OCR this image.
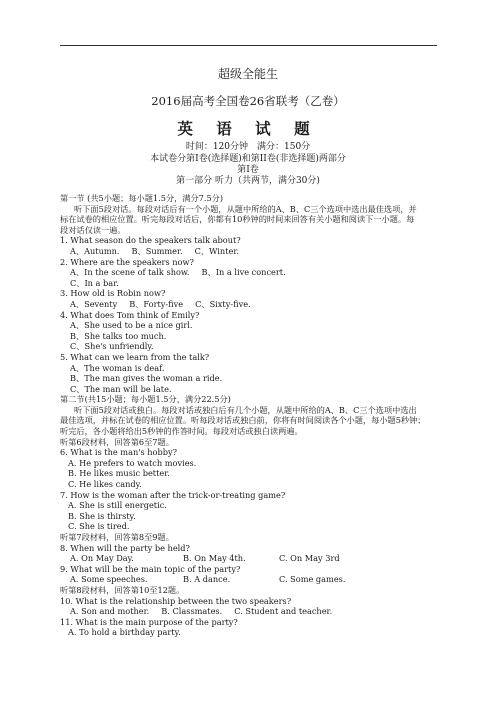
超级全能生
2016届高考全国卷26省联考（乙卷）
英 语 试 题
时间：120分钟　满分：150分
本试卷分第I卷(选择题)和第II卷(非选择题)两部分
第I卷
第一部分 听力（共两节，满分30分)
第一节 (共5小题；每小题1.5分，满分7.5分)
听下面5段对话。每段对话后有一个小题，从题中所给的A、B、C三个选项中选出最佳选项，并
标在试卷的相应位置。听完每段对话后，你都有10秒钟的时间来回答有关小题和阅读下一小题。每
段对话仅读一遍。
1. What season do the speakers talk about?
A、Autumn. B、Summer. C、Winter.
2. Where are the speakers now?
A、In the scene of talk show. B、In a live concert.
C、In a bar.
3. How old is Robin now?
A、Seventy B、Forty-five C、Sixty-five.
4. What does Tom think of Emily?
A、She used to be a nice girl.
B、She talks too much.
C、She's unfriendly.
5. What can we learn from the talk?
A、The woman is deaf.
B、The man gives the woman a ride.
C、The man will be late.
第二节(共15小题；每小题1.5分，满分22.5分)
听下面5段对话或独白。每段对话或独白后有几个小题，从题中所给的A、B、C三个选项中选出
最佳选项，并标在试卷的相应位置。听每段对话或独白前，你将有时间阅读各个小题，每小题5秒钟；
听完后，各小题将给出5秒钟的作答时间。每段对话或独白读两遍。
听第6段材料，回答第6至7题。
6. What is the man's hobby?
A. He prefers to watch movies.
B. He likes music better.
C. He likes candy.
7. How is the woman after the trick-or-treating game?
A. She is still energetic.
B. She is thirsty.
C. She is tired.
听第7段材料，回答第8至9题。
8. When will the party be held?
A. On May Day.	B. On May 4th.	C. On May 3rd
9. What will be the main topic of the party?
A. Some speeches.	B. A dance.	C. Some games.
听第8段材料，回答第10至12题。
10. What is the relationship between the two speakers?
A. Son and mother. B. Classmates. C. Student and teacher.
11. What is the main purpose of the party?
A. To hold a birthday party.
